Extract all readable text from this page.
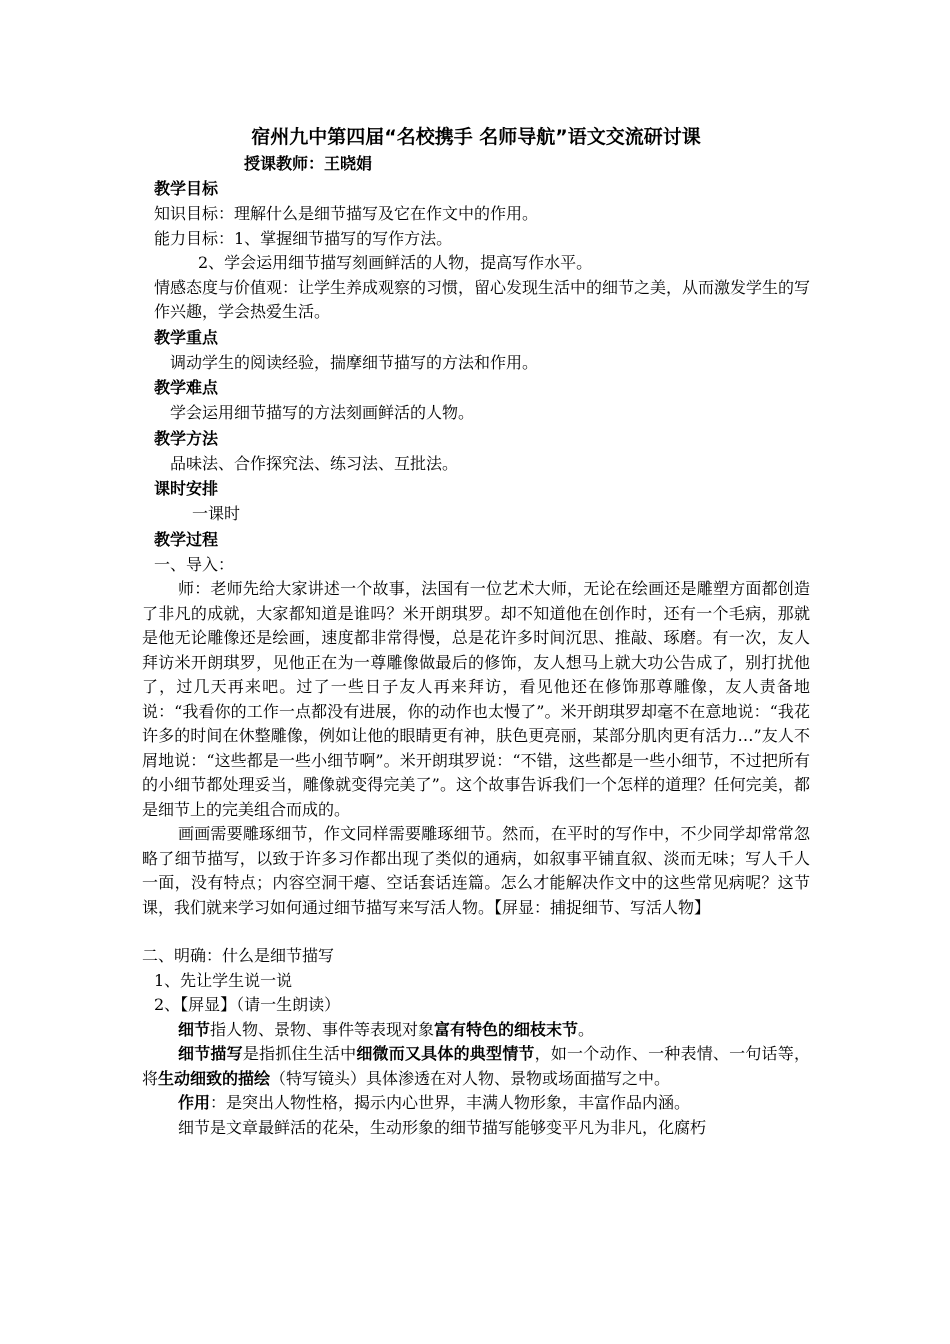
宿州九中第四届“名校携手 名师导航”语文交流研讨课

授课教师：王晓娟

教学目标

知识目标：理解什么是细节描写及它在作文中的作用。

能力目标：1、掌握细节描写的写作方法。

2、学会运用细节描写刻画鲜活的人物，提高写作水平。

情感态度与价值观：让学生养成观察的习惯，留心发现生活中的细节之美，从而激发学生的写作兴趣，学会热爱生活。

教学重点

调动学生的阅读经验，揣摩细节描写的方法和作用。

教学难点

学会运用细节描写的方法刻画鲜活的人物。

教学方法

品味法、合作探究法、练习法、互批法。

课时安排

一课时

教学过程

一、导入：

师：老师先给大家讲述一个故事，法国有一位艺术大师，无论在绘画还是雕塑方面都创造了非凡的成就，大家都知道是谁吗？米开朗琪罗。却不知道他在创作时，还有一个毛病，那就是他无论雕像还是绘画，速度都非常得慢，总是花许多时间沉思、推敲、琢磨。有一次，友人拜访米开朗琪罗，见他正在为一尊雕像做最后的修饰，友人想马上就大功公告成了，别打扰他了，过几天再来吧。过了一些日子友人再来拜访，看见他还在修饰那尊雕像，友人责备地说：“我看你的工作一点都没有进展，你的动作也太慢了”。米开朗琪罗却毫不在意地说：“我花许多的时间在休整雕像，例如让他的眼睛更有神，肤色更亮丽，某部分肌肉更有活力…”友人不屑地说：“这些都是一些小细节啊”。米开朗琪罗说：“不错，这些都是一些小细节，不过把所有的小细节都处理妥当，雕像就变得完美了”。这个故事告诉我们一个怎样的道理？任何完美，都是细节上的完美组合而成的。

画画需要雕琢细节，作文同样需要雕琢细节。然而，在平时的写作中，不少同学却常常忽略了细节描写，以致于许多习作都出现了类似的通病，如叙事平铺直叙、淡而无味；写人千人一面，没有特点；内容空洞干瘪、空话套话连篇。怎么才能解决作文中的这些常见病呢？这节课，我们就来学习如何通过细节描写来写活人物。【屏显：捕捉细节、写活人物】

二、明确：什么是细节描写

1、先让学生说一说

2、【屏显】（请一生朗读）

细节指人物、景物、事件等表现对象富有特色的细枝末节。

细节描写是指抓住生活中细微而又具体的典型情节，如一个动作、一种表情、一句话等，将生动细致的描绘（特写镜头）具体渗透在对人物、景物或场面描写之中。

作用：是突出人物性格，揭示内心世界，丰满人物形象，丰富作品内涵。

细节是文章最鲜活的花朵，生动形象的细节描写能够变平凡为非凡，化腐朽
